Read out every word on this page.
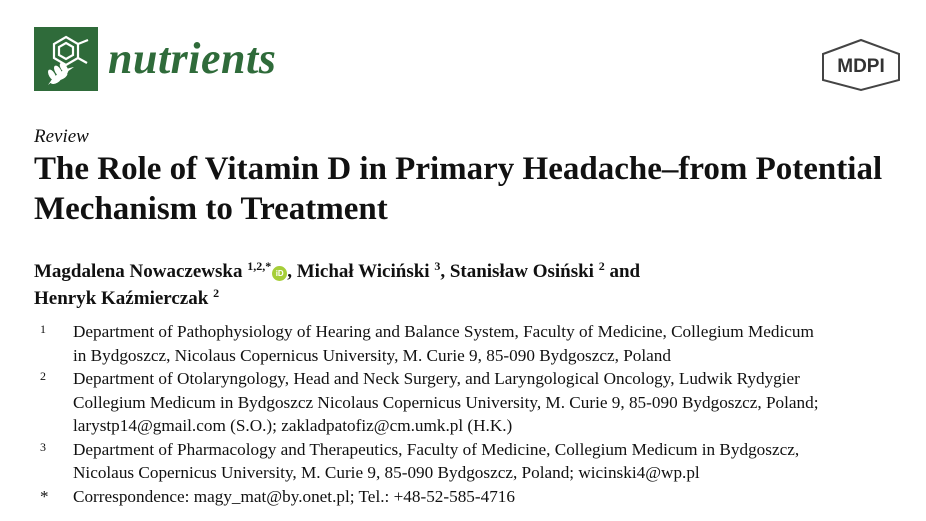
nutrients	MDPI
Review
The Role of Vitamin D in Primary Headache–from Potential Mechanism to Treatment
Magdalena Nowaczewska $^{1,2,*}$iD , Michał Wiciński $^3$, Stanisław Osiński $^2$ and
Henryk Kaźmierczak $^2$
1	Department of Pathophysiology of Hearing and Balance System, Faculty of Medicine, Collegium Medicum
in Bydgoszcz, Nicolaus Copernicus University, M. Curie 9, 85-090 Bydgoszcz, Poland
2	Department of Otolaryngology, Head and Neck Surgery, and Laryngological Oncology, Ludwik Rydygier
Collegium Medicum in Bydgoszcz Nicolaus Copernicus University, M. Curie 9, 85-090 Bydgoszcz, Poland;
larystp14@gmail.com (S.O.); zakladpatofiz@cm.umk.pl (H.K.)
3	Department of Pharmacology and Therapeutics, Faculty of Medicine, Collegium Medicum in Bydgoszcz,
Nicolaus Copernicus University, M. Curie 9, 85-090 Bydgoszcz, Poland; wicinski4@wp.pl
*	Correspondence: magy_mat@by.onet.pl; Tel.: +48-52-585-4716
